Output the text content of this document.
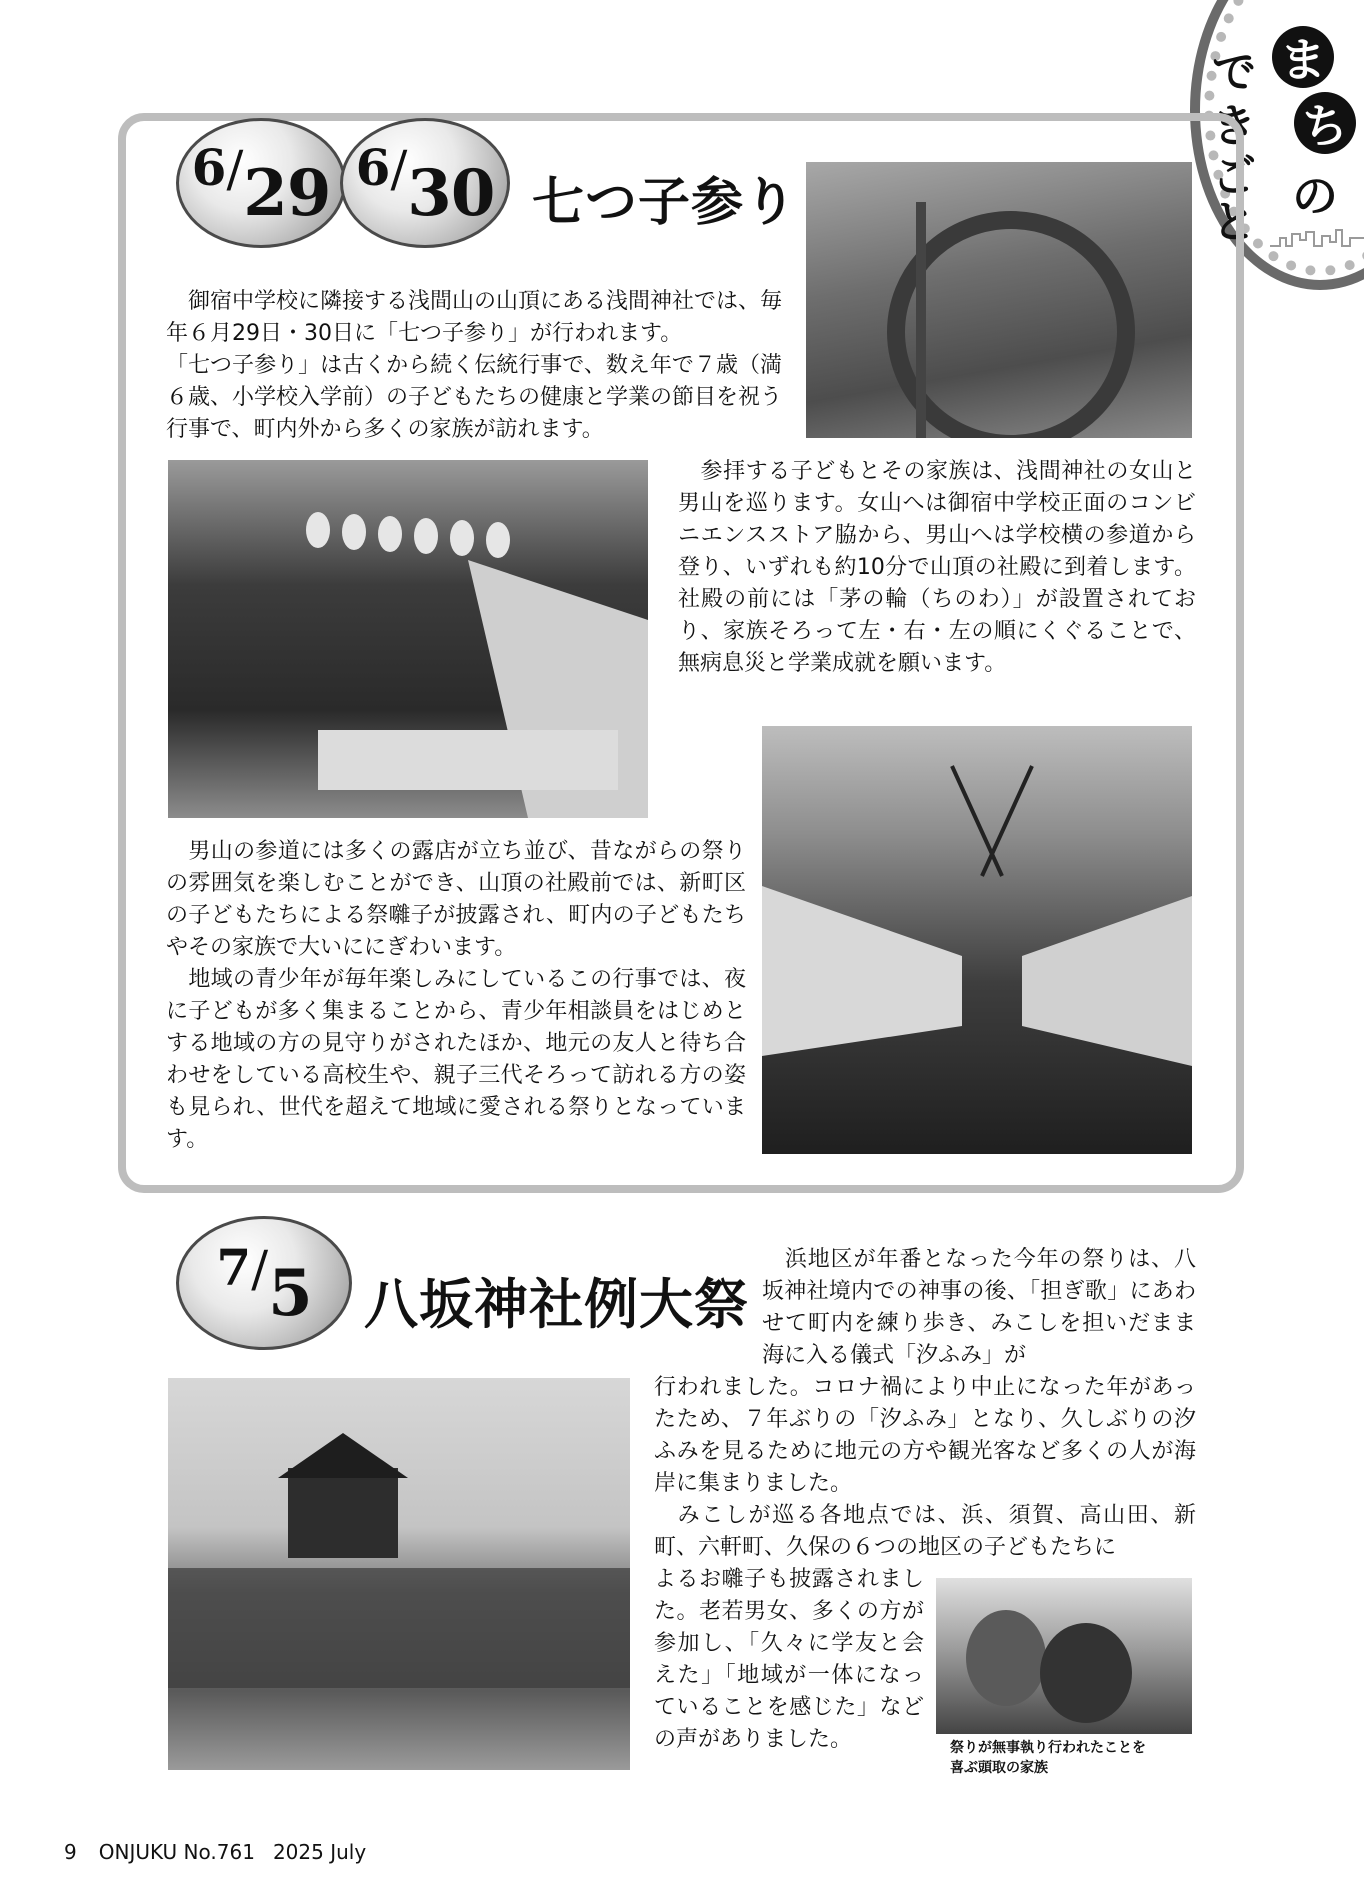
ま
ち
の
で
き
ご
と
6 / 29 6 / 30 七つ子参り

　御宿中学校に隣接する浅間山の山頂にある浅間神社では、毎年６月29日・30日に「七つ子参り」が行われます。
「七つ子参り」は古くから続く伝統行事で、数え年で７歳（満６歳、小学校入学前）の子どもたちの健康と学業の節目を祝う行事で、町内外から多くの家族が訪れます。

　参拝する子どもとその家族は、浅間神社の女山と男山を巡ります。女山へは御宿中学校正面のコンビニエンスストア脇から、男山へは学校横の参道から登り、いずれも約10分で山頂の社殿に到着します。社殿の前には「茅の輪（ちのわ）」が設置されており、家族そろって左・右・左の順にくぐることで、無病息災と学業成就を願います。

　男山の参道には多くの露店が立ち並び、昔ながらの祭りの雰囲気を楽しむことができ、山頂の社殿前では、新町区の子どもたちによる祭囃子が披露され、町内の子どもたちやその家族で大いににぎわいます。
　地域の青少年が毎年楽しみにしているこの行事では、夜に子どもが多く集まることから、青少年相談員をはじめとする地域の方の見守りがされたほか、地元の友人と待ち合わせをしている高校生や、親子三代そろって訪れる方の姿も見られ、世代を超えて地域に愛される祭りとなっています。

7 / 5 八坂神社例大祭

　浜地区が年番となった今年の祭りは、八坂神社境内での神事の後、「担ぎ歌」にあわせて町内を練り歩き、みこしを担いだまま海に入る儀式「汐ふみ」が

行われました。コロナ禍により中止になった年があったため、７年ぶりの「汐ふみ」となり、久しぶりの汐ふみを見るために地元の方や観光客など多くの人が海岸に集まりました。
　みこしが巡る各地点では、浜、須賀、高山田、新町、六軒町、久保の６つの地区の子どもたちに

よるお囃子も披露されました。老若男女、多くの方が参加し、「久々に学友と会えた」「地域が一体になっていることを感じた」などの声がありました。	祭りが無事執り行われたことを
喜ぶ頭取の家族
9 ONJUKU No.761 2025 July
